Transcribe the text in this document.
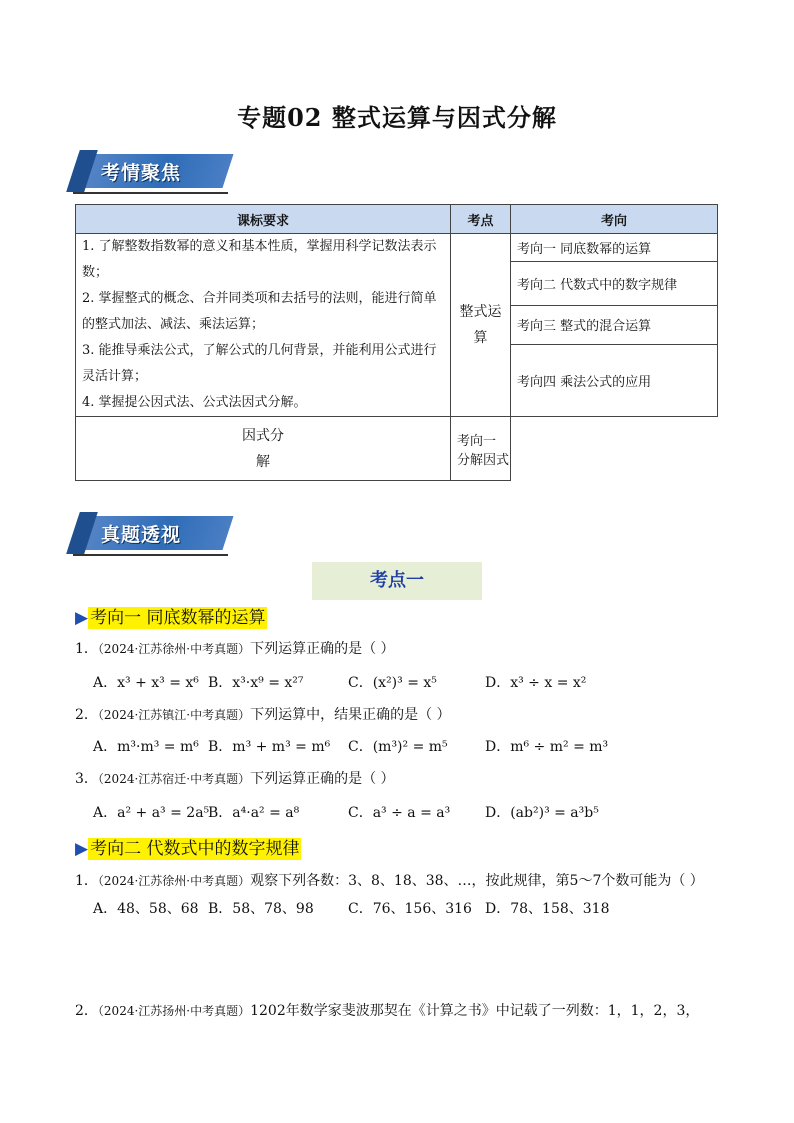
专题02 整式运算与因式分解
考情聚焦
课标要求	考点	考向

1. 了解整数指数幂的意义和基本性质，掌握用科学记数法表示数；
2. 掌握整式的概念、合并同类项和去括号的法则，能进行简单的整式加法、减法、乘法运算；
3. 能推导乘法公式，了解公式的几何背景，并能利用公式进行灵活计算；
4. 掌握提公因式法、公式法因式分解。	整式运算	考向一 同底数幂的运算
		考向二 代数式中的数字规律
		考向三 整式的混合运算
		考向四 乘法公式的应用

因式分解	考向一 分解因式	
真题透视
考点一
▶ 考向一 同底数幂的运算
1．（2024·江苏徐州·中考真题）下列运算正确的是（ ）
A．x³ + x³ = x⁶ B．x³·x⁹ = x²⁷	C．(x²)³ = x⁵	D．x³ ÷ x = x²
2．（2024·江苏镇江·中考真题）下列运算中，结果正确的是（ ）
A．m³·m³ = m⁶ B．m³ + m³ = m⁶ C．(m³)² = m⁵	D．m⁶ ÷ m² = m³
3．（2024·江苏宿迁·中考真题）下列运算正确的是（ ）
A．a² + a³ = 2a⁵
B．a⁴·a² = a⁸	C．a³ ÷ a = a³ D．(ab²)³ = a³b⁵
▶ 考向二 代数式中的数字规律
1．（2024·江苏徐州·中考真题）观察下列各数：3、8、18、38、…，按此规律，第5～7个数可能为（ ）
A．48、58、68 B．58、78、98 C．76、156、316 D．78、158、318
2．（2024·江苏扬州·中考真题）1202年数学家斐波那契在《计算之书》中记载了一列数：1，1，2，3，
